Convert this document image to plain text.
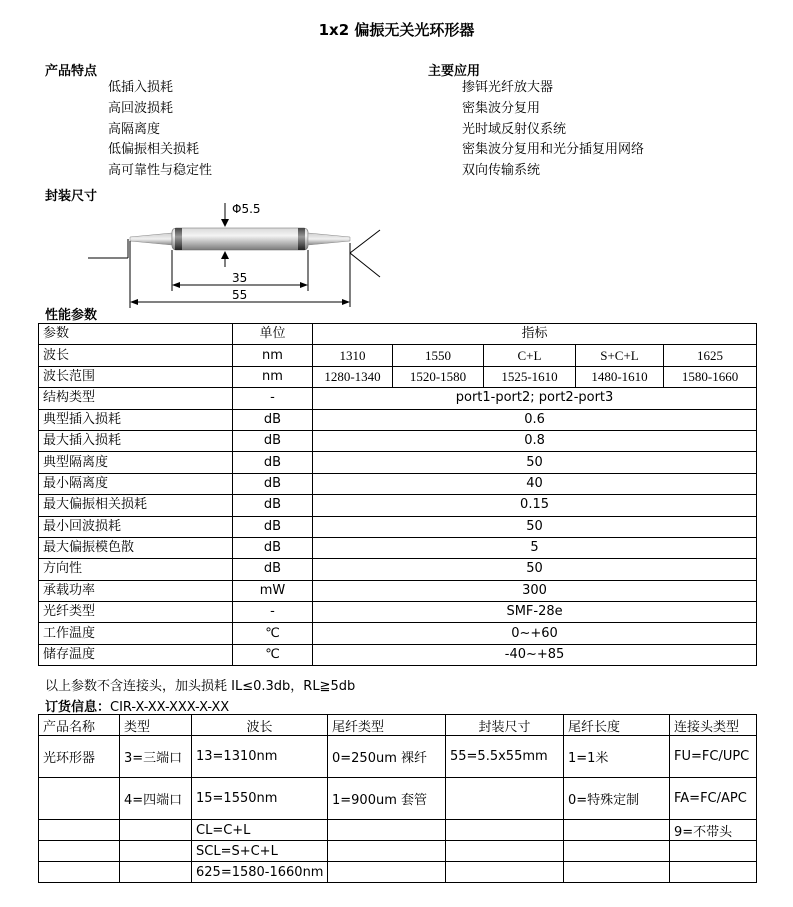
1x2 偏振无关光环形器
产品特点
低插入损耗
高回波损耗
高隔离度
低偏振相关损耗
高可靠性与稳定性
主要应用
掺铒光纤放大器
密集波分复用
光时域反射仪系统
密集波分复用和光分插复用网络
双向传输系统
封装尺寸
Φ5.5
35
55
性能参数
参数	单位	指标				
波长	nm	1310	1550	C+L	S+C+L	1625
波长范围	nm	1280-1340	1520-1580	1525-1610	1480-1610	1580-1660
结构类型	-	port1-port2; port2-port3				
典型插入损耗	dB	0.6				
最大插入损耗	dB	0.8				
典型隔离度	dB	50				
最小隔离度	dB	40				
最大偏振相关损耗	dB	0.15				
最小回波损耗	dB	50				
最大偏振模色散	dB	5				
方向性	dB	50				
承载功率	mW	300				
光纤类型	-	SMF-28e				
工作温度	℃	0~+60				
储存温度	℃	-40~+85				
以上参数不含连接头，加头损耗 IL≤0.3db，RL≧5db
订货信息：CIR-X-XX-XXX-X-XX
产品名称	类型	波长	尾纤类型	封装尺寸	尾纤长度	连接头类型
光环形器	3=三端口	13=1310nm	0=250um 裸纤	55=5.5x55mm	1=1米	FU=FC/UPC
	4=四端口	15=1550nm	1=900um 套管		0=特殊定制	FA=FC/APC
		CL=C+L				9=不带头
		SCL=S+C+L				
		625=1580-1660nm				
